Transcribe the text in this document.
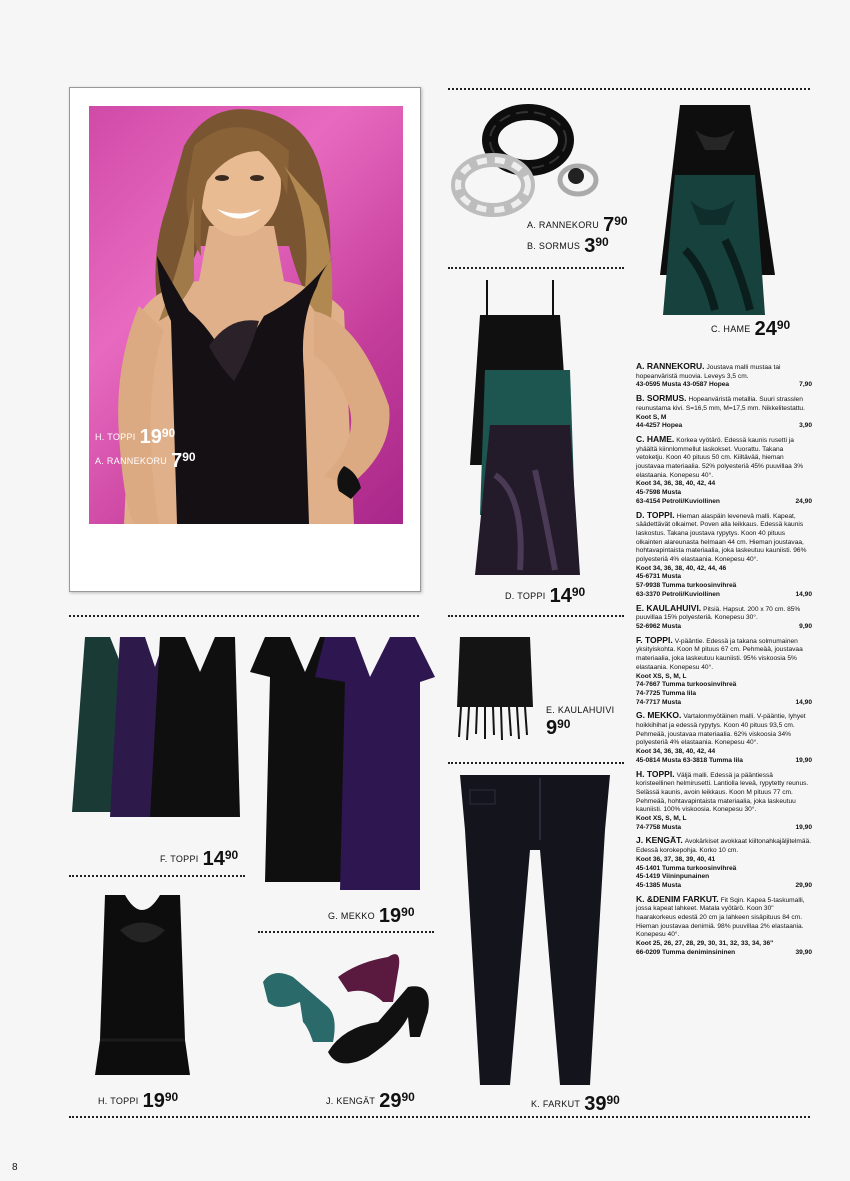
$^{H. TOPPI}$ $19^{90}$
$^{A. RANNEKORU}$ $7^{90}$
$^{A. RANNEKORU}$ $7^{90}$
$^{B. SORMUS}$ $3^{90}$
$^{C. HAME}$ $24^{90}$
$^{D. TOPPI}$ $14^{90}$
E. KAULAHUIVI
$9^{90}$
$^{K. FARKUT}$ $39^{90}$
$^{F. TOPPI}$ $14^{90}$
$^{G. MEKKO}$ $19^{90}$
$^{H. TOPPI}$ $19^{90}$	$^{J. KENGÄT}$ $29^{90}$
A. RANNEKORU. Joustava malli mustaa tai hopeanväristä muovia. Leveys 3,5 cm.
43-0595 Musta 43-0587 Hopea	7,90
B. SORMUS. Hopeanväristä metallia. Suuri strasslen reunustama kivi. S=16,5 mm, M=17,5 mm. Nikkelitestattu.
Koot S, M
44-4257 Hopea	3,90
C. HAME. Korkea vyötärö. Edessä kaunis rusetti ja yhäältä kiinnlommellut laskokset. Vuorattu. Takana vetoketju. Koon 40 pituus 50 cm. Kiiltävää, hieman joustavaa materiaalia. 52% polyesteriä 45% puuvillaa 3% elastaania. Konepesu 40°.
Koot 34, 36, 38, 40, 42, 44
45-7598 Musta
63-4154 Petroli/Kuviollinen	24,90
D. TOPPI. Hieman alaspäin levenevä malli. Kapeat, säädettävät olkaimet. Poven alla leikkaus. Edessä kaunis laskostus. Takana joustava rypytys. Koon 40 pituus olkainten alareunasta helmaan 44 cm. Hieman joustavaa, hohtavapintaista materiaalia, joka laskeutuu kauniisti. 96% polyesteriä 4% elastaania. Konepesu 40°.
Koot 34, 36, 38, 40, 42, 44, 46
45-6731 Musta
57-9938 Tumma turkoosinvihreä
63-3370 Petroli/Kuviollinen	14,90
E. KAULAHUIVI. Pitsiä. Hapsut. 200 x 70 cm. 85% puuvillaa 15% polyesteriä. Konepesu 30°.
52-6962 Musta	9,90
F. TOPPI. V-pääntie. Edessä ja takana solmumainen yksityiskohta. Koon M pituus 67 cm. Pehmeää, joustavaa materiaalia, joka laskeutuu kauniisti. 95% viskoosia 5% elastaania. Konepesu 40°.
Koot XS, S, M, L
74-7667 Tumma turkoosinvihreä
74-7725 Tumma lila
74-7717 Musta	14,90
G. MEKKO. Vartalonmyötäinen malli. V-pääntie, lyhyet hoikkihihat ja edessä rypytys. Koon 40 pituus 93,5 cm. Pehmeää, joustavaa materiaalia. 62% viskoosia 34% polyesteriä 4% elastaania. Konepesu 40°.
Koot 34, 36, 38, 40, 42, 44
45-0814 Musta 63-3818 Tumma lila	19,90
H. TOPPI. Väljä malli. Edessä ja pääntiessä koristeellinen helmirusetti. Lantiolla leveä, rypytetty reunus. Selässä kaunis, avoin leikkaus. Koon M pituus 77 cm. Pehmeää, hohtavapintaista materiaalia, joka laskeutuu kauniisti. 100% viskoosia. Konepesu 30°.
Koot XS, S, M, L
74-7758 Musta	19,90
J. KENGÄT. Avokärkiset avokkaat kiiltonahkajäljitelmää. Edessä korokepohja. Korko 10 cm.
Koot 36, 37, 38, 39, 40, 41
45-1401 Tumma turkoosinvihreä
45-1419 Viininpunainen
45-1385 Musta	29,90
K. &DENIM FARKUT. Fit Sqin. Kapea 5-taskumalli, jossa kapeat lahkeet. Matala vyötärö. Koon 30" haarakorkeus edestä 20 cm ja lahkeen sisäpituus 84 cm. Hieman joustavaa denimiä. 98% puuvillaa 2% elastaania. Konepesu 40°.
Koot 25, 26, 27, 28, 29, 30, 31, 32, 33, 34, 36"
66-0209 Tumma deniminsininen	39,90
8
